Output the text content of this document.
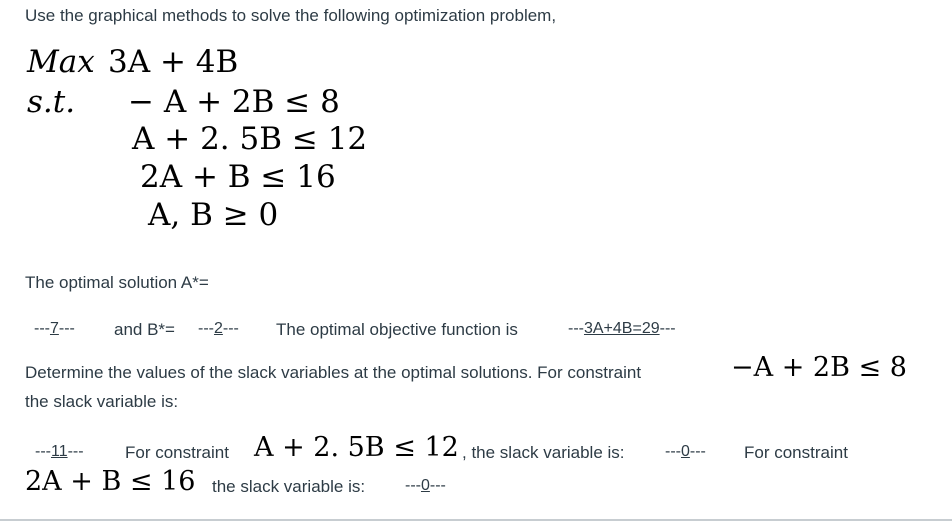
Use the graphical methods to solve the following optimization problem,
Max 3A + 4B
s.t. − A + 2B ≤ 8
A + 2. 5B ≤ 12
2A + B ≤ 16
A, B ≥ 0
The optimal solution A*=
---7--- and B*= ---2--- The optimal objective function is	---3A+4B=29---
Determine the values of the slack variables at the optimal solutions. For constraint	−A + 2B ≤ 8
the slack variable is:
---11--- For constraint A + 2. 5B ≤ 12 , the slack variable is:	---0--- For constraint
2A + B ≤ 16 the slack variable is: ---0---
